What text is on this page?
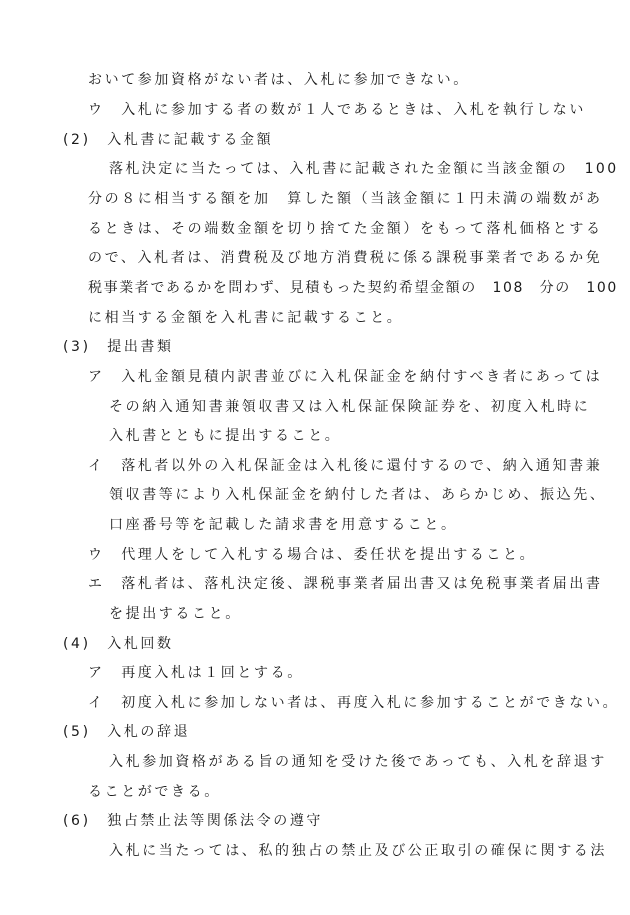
おいて参加資格がない者は、入札に参加できない。
ウ　入札に参加する者の数が１人であるときは、入札を執行しない
(2)　入札書に記載する金額
落札決定に当たっては、入札書に記載された金額に当該金額の　100
分の８に相当する額を加　算した額（当該金額に１円未満の端数があ
るときは、その端数金額を切り捨てた金額）をもって落札価格とする
ので、入札者は、消費税及び地方消費税に係る課税事業者であるか免
税事業者であるかを問わず、見積もった契約希望金額の　108　分の　100
に相当する金額を入札書に記載すること。
(3)　提出書類
ア　入札金額見積内訳書並びに入札保証金を納付すべき者にあっては
その納入通知書兼領収書又は入札保証保険証券を、初度入札時に
入札書とともに提出すること。
イ　落札者以外の入札保証金は入札後に還付するので、納入通知書兼
領収書等により入札保証金を納付した者は、あらかじめ、振込先、
口座番号等を記載した請求書を用意すること。
ウ　代理人をして入札する場合は、委任状を提出すること。
エ　落札者は、落札決定後、課税事業者届出書又は免税事業者届出書
を提出すること。
(4)　入札回数
ア　再度入札は１回とする。
イ　初度入札に参加しない者は、再度入札に参加することができない。
(5)　入札の辞退
入札参加資格がある旨の通知を受けた後であっても、入札を辞退す
ることができる。
(6)　独占禁止法等関係法令の遵守
入札に当たっては、私的独占の禁止及び公正取引の確保に関する法
